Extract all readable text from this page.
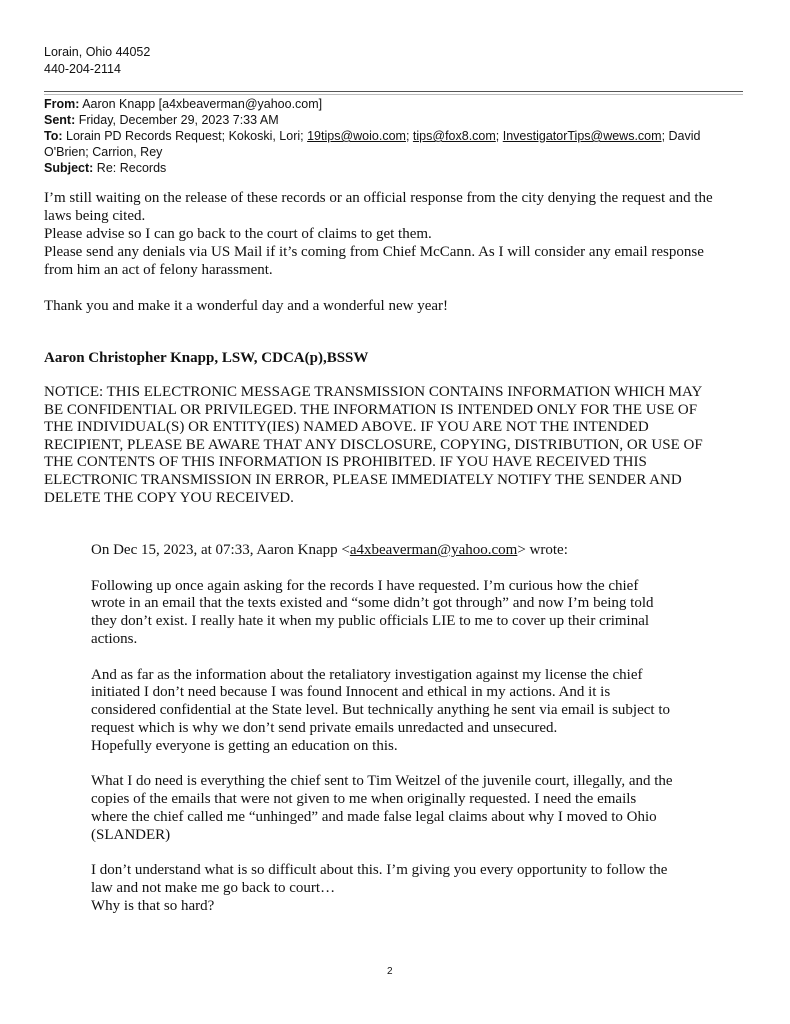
Lorain, Ohio 44052
440-204-2114
From: Aaron Knapp [a4xbeaverman@yahoo.com]
Sent: Friday, December 29, 2023 7:33 AM
To: Lorain PD Records Request; Kokoski, Lori; 19tips@woio.com; tips@fox8.com; InvestigatorTips@wews.com; David
O'Brien; Carrion, Rey
Subject: Re: Records

I’m still waiting on the release of these records or an official response from the city denying the request and the

laws being cited.

Please advise so I can go back to the court of claims to get them.

Please send any denials via US Mail if it’s coming from Chief McCann. As I will consider any email response

from him an act of felony harassment.

Thank you and make it a wonderful day and a wonderful new year!

Aaron Christopher Knapp, LSW, CDCA(p),BSSW

NOTICE: THIS ELECTRONIC MESSAGE TRANSMISSION CONTAINS INFORMATION WHICH MAY

BE CONFIDENTIAL OR PRIVILEGED. THE INFORMATION IS INTENDED ONLY FOR THE USE OF

THE INDIVIDUAL(S) OR ENTITY(IES) NAMED ABOVE. IF YOU ARE NOT THE INTENDED

RECIPIENT, PLEASE BE AWARE THAT ANY DISCLOSURE, COPYING, DISTRIBUTION, OR USE OF

THE CONTENTS OF THIS INFORMATION IS PROHIBITED. IF YOU HAVE RECEIVED THIS

ELECTRONIC TRANSMISSION IN ERROR, PLEASE IMMEDIATELY NOTIFY THE SENDER AND

DELETE THE COPY YOU RECEIVED.

On Dec 15, 2023, at 07:33, Aaron Knapp <a4xbeaverman@yahoo.com> wrote:

Following up once again asking for the records I have requested. I’m curious how the chief

wrote in an email that the texts existed and “some didn’t got through” and now I’m being told

they don’t exist. I really hate it when my public officials LIE to me to cover up their criminal

actions.

And as far as the information about the retaliatory investigation against my license the chief

initiated I don’t need because I was found Innocent and ethical in my actions. And it is

considered confidential at the State level. But technically anything he sent via email is subject to

request which is why we don’t send private emails unredacted and unsecured.

Hopefully everyone is getting an education on this.

What I do need is everything the chief sent to Tim Weitzel of the juvenile court, illegally, and the

copies of the emails that were not given to me when originally requested. I need the emails

where the chief called me “unhinged” and made false legal claims about why I moved to Ohio

(SLANDER)

I don’t understand what is so difficult about this. I’m giving you every opportunity to follow the

law and not make me go back to court…

Why is that so hard?

2
